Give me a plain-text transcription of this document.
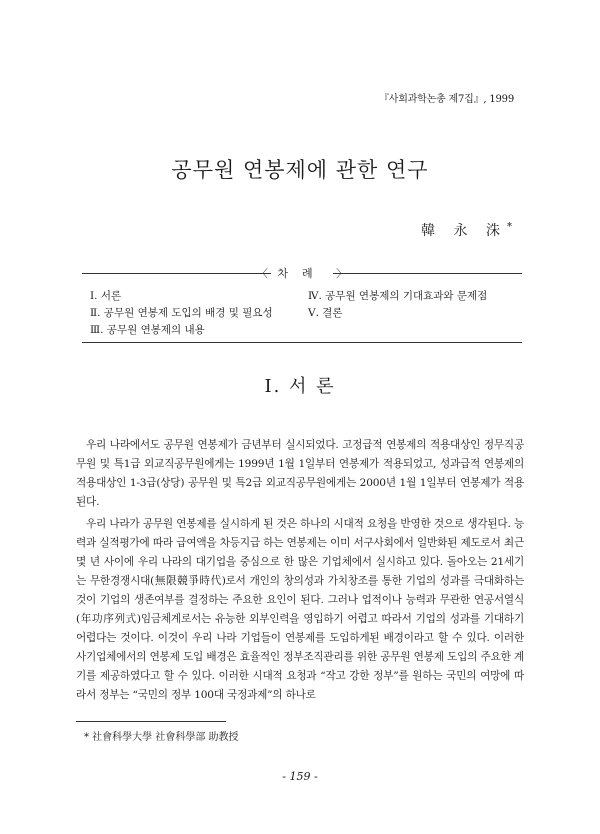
『사회과학논총 제7집』, 1999
공무원 연봉제에 관한 연구
韓 永 洙*
〈 차례 〉
Ⅰ. 서론
Ⅱ. 공무원 연봉제 도입의 배경 및 필요성
Ⅲ. 공무원 연봉제의 내용
Ⅳ. 공무원 연봉제의 기대효과와 문제점
Ⅴ. 결론
Ⅰ. 서 론

우리 나라에서도 공무원 연봉제가 금년부터 실시되었다. 고정급적 연봉제의 적용대상인 정무직공무원 및 특1급 외교직공무원에게는 1999년 1월 1일부터 연봉제가 적용되었고, 성과급적 연봉제의 적용대상인 1-3급(상당) 공무원 및 특2급 외교직공무원에게는 2000년 1월 1일부터 연봉제가 적용된다.

우리 나라가 공무원 연봉제를 실시하게 된 것은 하나의 시대적 요청을 반영한 것으로 생각된다. 능력과 실적평가에 따라 급여액을 차등지급 하는 연봉제는 이미 서구사회에서 일반화된 제도로서 최근 몇 년 사이에 우리 나라의 대기업을 중심으로 한 많은 기업체에서 실시하고 있다. 돌아오는 21세기는 무한경쟁시대(無限競爭時代)로서 개인의 창의성과 가치창조를 통한 기업의 성과를 극대화하는 것이 기업의 생존여부를 결정하는 주요한 요인이 된다. 그러나 업적이나 능력과 무관한 연공서열식(年功序列式)임금체계로서는 유능한 외부인력을 영입하기 어렵고 따라서 기업의 성과를 기대하기 어렵다는 것이다. 이것이 우리 나라 기업들이 연봉제를 도입하게된 배경이라고 할 수 있다. 이러한 사기업체에서의 연봉제 도입 배경은 효율적인 정부조직관리를 위한 공무원 연봉제 도입의 주요한 계기를 제공하였다고 할 수 있다. 이러한 시대적 요청과 “작고 강한 정부”를 원하는 국민의 여망에 따라서 정부는 “국민의 정부 100대 국정과제”의 하나로

* 社會科學大學 社會科學部 助教授
- 159 -
